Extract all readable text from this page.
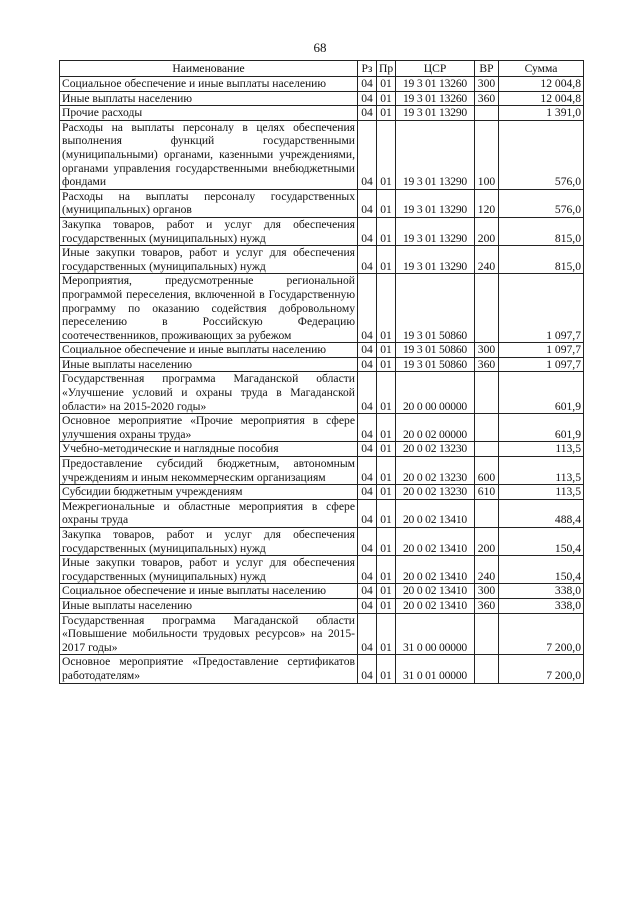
68
Наименование	Рз	Пр	ЦСР	ВР	Сумма
Социальное обеспечение и иные выплаты населению	04	01	19 3 01 13260	300	12 004,8
Иные выплаты населению	04	01	19 3 01 13260	360	12 004,8
Прочие расходы	04	01	19 3 01 13290		1 391,0
Расходы на выплаты персоналу в целях обеспечения выполнения функций государственными (муниципальными) органами, казенными учреждениями, органами управления государственными внебюджетными фондами	04	01	19 3 01 13290	100	576,0
Расходы на выплаты персоналу государственных (муниципальных) органов	04	01	19 3 01 13290	120	576,0
Закупка товаров, работ и услуг для обеспечения государственных (муниципальных) нужд	04	01	19 3 01 13290	200	815,0
Иные закупки товаров, работ и услуг для обеспечения государственных (муниципальных) нужд	04	01	19 3 01 13290	240	815,0
Мероприятия, предусмотренные региональной программой переселения, включенной в Государственную программу по оказанию содействия добровольному переселению в Российскую Федерацию соотечественников, проживающих за рубежом	04	01	19 3 01 50860		1 097,7
Социальное обеспечение и иные выплаты населению	04	01	19 3 01 50860	300	1 097,7
Иные выплаты населению	04	01	19 3 01 50860	360	1 097,7
Государственная программа Магаданской области «Улучшение условий и охраны труда в Магаданской области» на 2015-2020 годы»	04	01	20 0 00 00000		601,9
Основное мероприятие «Прочие мероприятия в сфере улучшения охраны труда»	04	01	20 0 02 00000		601,9
Учебно-методические и наглядные пособия	04	01	20 0 02 13230		113,5
Предоставление субсидий бюджетным, автономным учреждениям и иным некоммерческим организациям	04	01	20 0 02 13230	600	113,5
Субсидии бюджетным учреждениям	04	01	20 0 02 13230	610	113,5
Межрегиональные и областные мероприятия в сфере охраны труда	04	01	20 0 02 13410		488,4
Закупка товаров, работ и услуг для обеспечения государственных (муниципальных) нужд	04	01	20 0 02 13410	200	150,4
Иные закупки товаров, работ и услуг для обеспечения государственных (муниципальных) нужд	04	01	20 0 02 13410	240	150,4
Социальное обеспечение и иные выплаты населению	04	01	20 0 02 13410	300	338,0
Иные выплаты населению	04	01	20 0 02 13410	360	338,0
Государственная программа Магаданской области «Повышение мобильности трудовых ресурсов» на 2015-2017 годы»	04	01	31 0 00 00000		7 200,0
Основное мероприятие «Предоставление сертификатов работодателям»	04	01	31 0 01 00000		7 200,0
